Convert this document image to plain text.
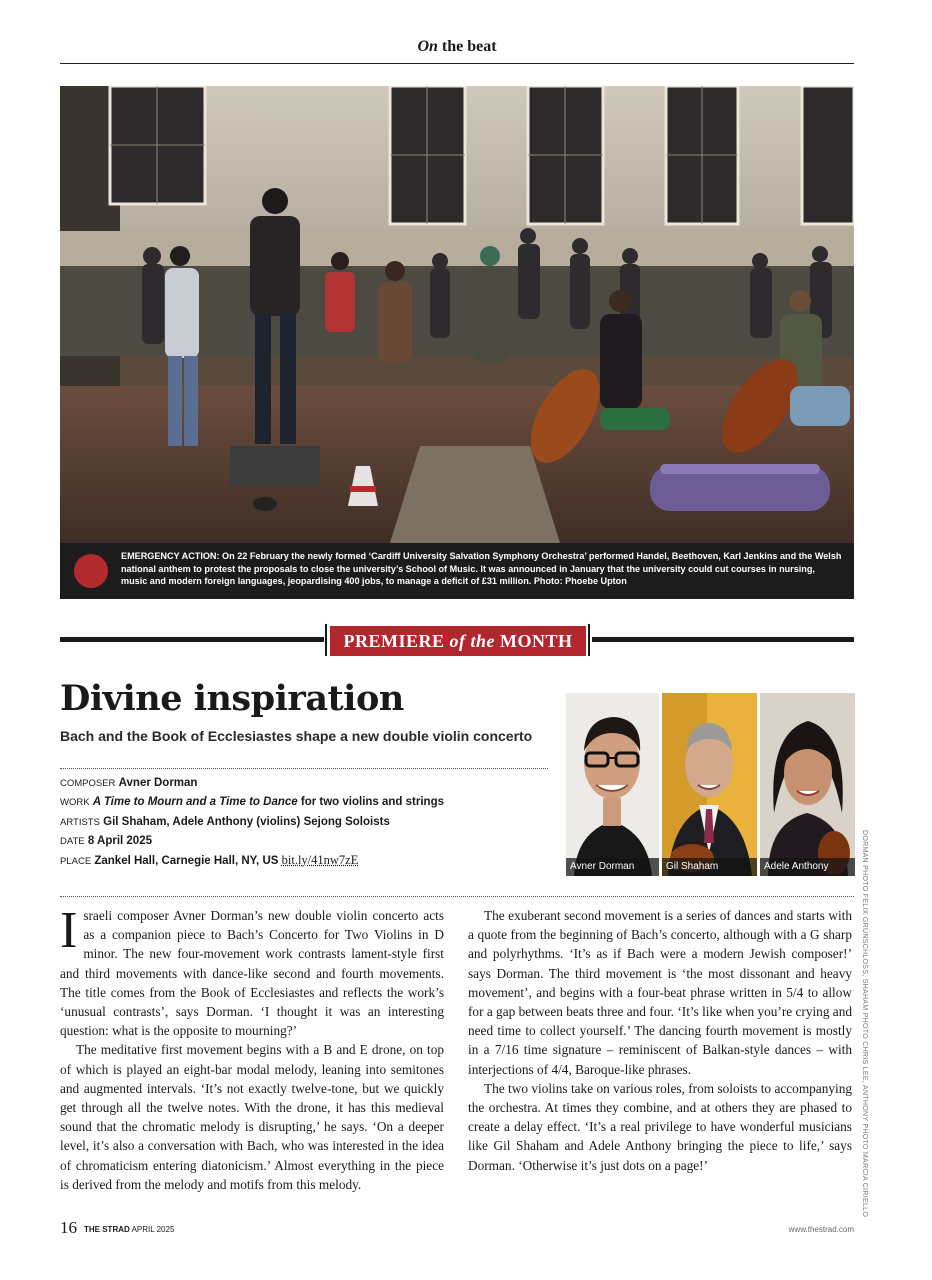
On the beat
EMERGENCY ACTION: On 22 February the newly formed ‘Cardiff University Salvation Symphony Orchestra’ performed Handel, Beethoven, Karl Jenkins and the Welsh national anthem to protest the proposals to close the university’s School of Music. It was announced in January that the university could cut courses in nursing, music and modern foreign languages, jeopardising 400 jobs, to manage a deficit of £31 million. Photo: Phoebe Upton
PREMIERE of the MONTH
Divine inspiration
Bach and the Book of Ecclesiastes shape a new double violin concerto
COMPOSER Avner Dorman
WORK A Time to Mourn and a Time to Dance for two violins and strings
ARTISTS Gil Shaham, Adele Anthony (violins) Sejong Soloists
DATE 8 April 2025
PLACE Zankel Hall, Carnegie Hall, NY, US bit.ly/41nw7zE	Avner Dorman	Gil Shaham	Adele Anthony	DORMAN PHOTO FELIX GRÜNSCHLOSS, SHAHAM PHOTO CHRIS LEE, ANTHONY PHOTO MARCIA CIRIELLO

Israeli composer Avner Dorman’s new double violin concerto acts as a companion piece to Bach’s Concerto for Two Violins in D minor. The new four-movement work contrasts lament-style first and third movements with dance-like second and fourth movements. The title comes from the Book of Ecclesiastes and reflects the work’s ‘unusual contrasts’, says Dorman. ‘I thought it was an interesting question: what is the opposite to mourning?’

The meditative first movement begins with a B and E drone, on top of which is played an eight-bar modal melody, leaning into semitones and augmented intervals. ‘It’s not exactly twelve-tone, but we quickly get through all the twelve notes. With the drone, it has this medieval sound that the chromatic melody is disrupting,’ he says. ‘On a deeper level, it’s also a conversation with Bach, who was interested in the idea of chromaticism entering diatonicism.’ Almost everything in the piece is derived from the melody and motifs from this melody.

The exuberant second movement is a series of dances and starts with a quote from the beginning of Bach’s concerto, although with a G sharp and polyrhythms. ‘It’s as if Bach were a modern Jewish composer!’ says Dorman. The third movement is ‘the most dissonant and heavy movement’, and begins with a four-beat phrase written in 5/4 to allow for a gap between beats three and four. ‘It’s like when you’re crying and need time to collect yourself.’ The dancing fourth movement is mostly in a 7/16 time signature – reminiscent of Balkan-style dances – with interjections of 4/4, Baroque-like phrases.

The two violins take on various roles, from soloists to accompanying the orchestra. At times they combine, and at others they are phased to create a delay effect. ‘It’s a real privilege to have wonderful musicians like Gil Shaham and Adele Anthony bringing the piece to life,’ says Dorman. ‘Otherwise it’s just dots on a page!’

16 THE STRAD APRIL 2025	www.thestrad.com
